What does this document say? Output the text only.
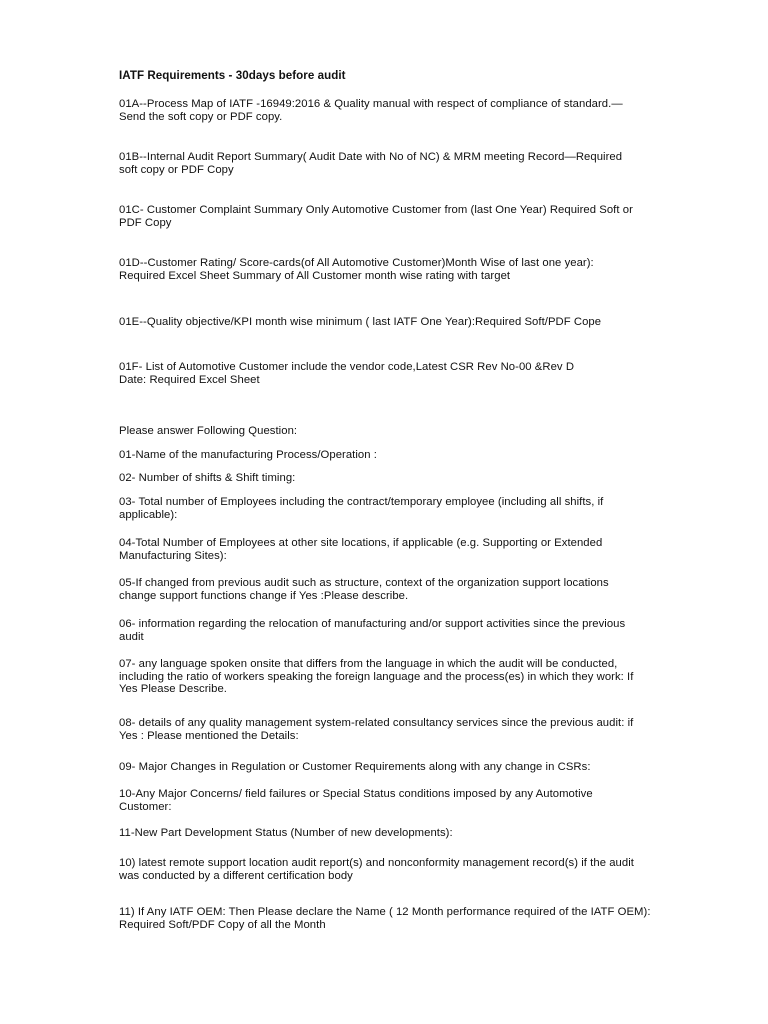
IATF Requirements - 30days before audit

01A--Process Map of IATF -16949:2016 & Quality manual with respect of compliance of standard.—
Send the soft copy or PDF copy.

01B--Internal Audit Report Summary( Audit Date with No of NC) & MRM meeting Record—Required
soft copy or PDF Copy

01C- Customer Complaint Summary Only Automotive Customer from (last One Year) Required Soft or
PDF Copy

01D--Customer Rating/ Score-cards(of All Automotive Customer)Month Wise of last one year):
Required Excel Sheet Summary of All Customer month wise rating with target

01E--Quality objective/KPI month wise minimum ( last IATF One Year):Required Soft/PDF Cope

01F- List of Automotive Customer include the vendor code,Latest CSR Rev No-00 &Rev D
Date: Required Excel Sheet

Please answer Following Question:

01-Name of the manufacturing Process/Operation :

02- Number of shifts & Shift timing:

03- Total number of Employees including the contract/temporary employee (including all shifts, if
applicable):

04-Total Number of Employees at other site locations, if applicable (e.g. Supporting or Extended
Manufacturing Sites):

05-If changed from previous audit such as structure, context of the organization support locations
change support functions change if Yes :Please describe.

06- information regarding the relocation of manufacturing and/or support activities since the previous
audit

07- any language spoken onsite that differs from the language in which the audit will be conducted,
including the ratio of workers speaking the foreign language and the process(es) in which they work: If
Yes Please Describe.

08- details of any quality management system-related consultancy services since the previous audit: if
Yes : Please mentioned the Details:

09- Major Changes in Regulation or Customer Requirements along with any change in CSRs:

10-Any Major Concerns/ field failures or Special Status conditions imposed by any Automotive
Customer:

11-New Part Development Status (Number of new developments):

10) latest remote support location audit report(s) and nonconformity management record(s) if the audit
was conducted by a different certification body

11) If Any IATF OEM: Then Please declare the Name ( 12 Month performance required of the IATF OEM):
Required Soft/PDF Copy of all the Month
